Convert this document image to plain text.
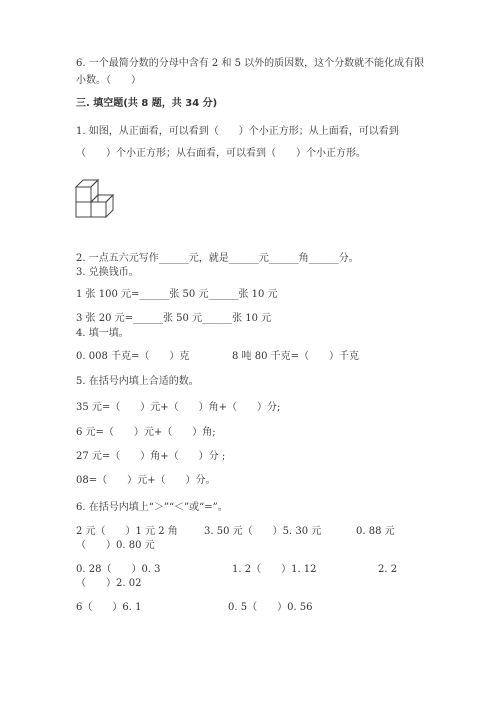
6. 一个最简分数的分母中含有 2 和 5 以外的质因数，这个分数就不能化成有限
小数。（　　）
三. 填空题(共 8 题，共 34 分)
1. 如图，从正面看，可以看到（　　）个小正方形；从上面看，可以看到
（　　）个小正方形；从右面看，可以看到（　　）个小正方形。
2. 一点五六元写作______元，就是______元______角______分。
3. 兑换钱币。
1 张 100 元=______张 50 元______张 10 元
3 张 20 元=______张 50 元______张 10 元
4. 填一填。
0. 008 千克=（　　）克	8 吨 80 千克=（　　）千克
5. 在括号内填上合适的数。
35 元=（　　）元+（　　）角+（　　）分;
6 元=（　　）元+（　　）角;
27 元=（　　）角+（　　）分 ;
08=（　　）元+（　　）分。
6. 在括号内填上“＞”“＜”或“=”。
2 元（　　）1 元 2 角	3. 50 元（　　）5. 30 元	0. 88 元
（　　）0. 80 元
0. 28（　　）0. 3	1. 2（　　）1. 12	2. 2
（　　）2. 02
6（　　）6. 1	0. 5（　　）0. 56
